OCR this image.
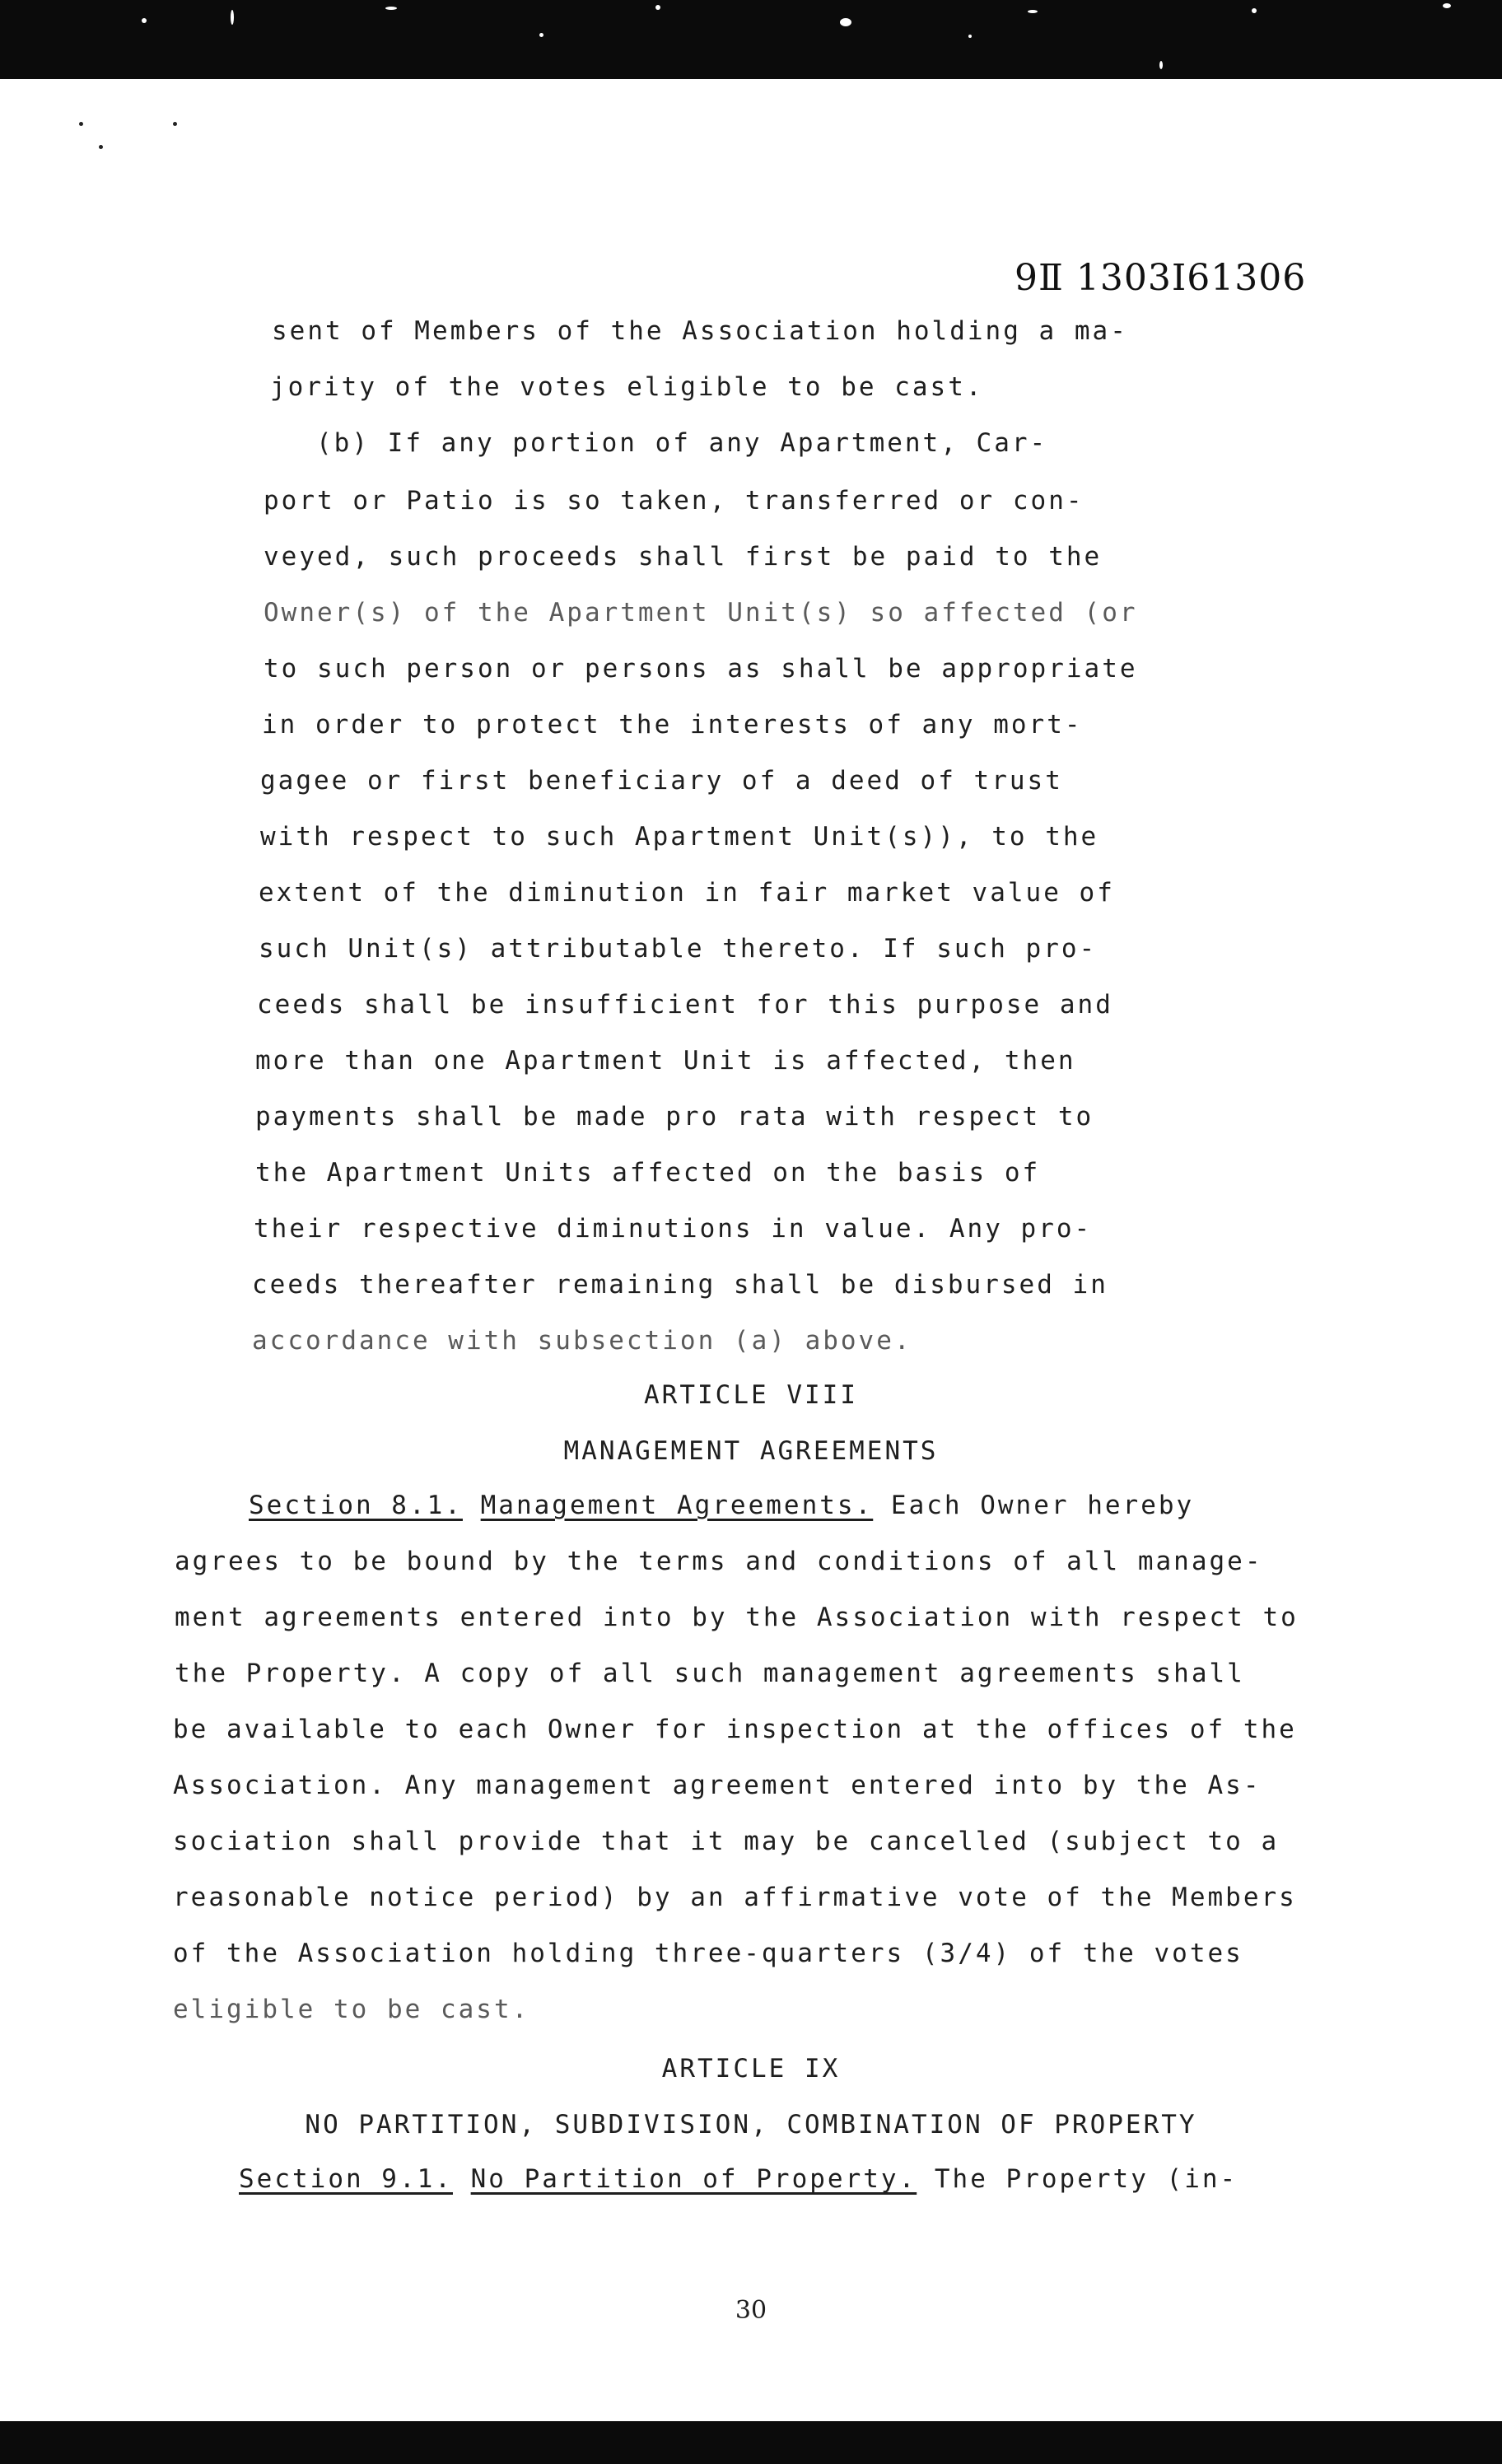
9Ⅱ 1303Ⅰ61306
sent of Members of the Association holding a ma-
jority of the votes eligible to be cast.
(b) If any portion of any Apartment, Car-
port or Patio is so taken, transferred or con-
veyed, such proceeds shall first be paid to the
Owner(s) of the Apartment Unit(s) so affected (or
to such person or persons as shall be appropriate
in order to protect the interests of any mort-
gagee or first beneficiary of a deed of trust
with respect to such Apartment Unit(s)), to the
extent of the diminution in fair market value of
such Unit(s) attributable thereto. If such pro-
ceeds shall be insufficient for this purpose and
more than one Apartment Unit is affected, then
payments shall be made pro rata with respect to
the Apartment Units affected on the basis of
their respective diminutions in value. Any pro-
ceeds thereafter remaining shall be disbursed in
accordance with subsection (a) above.
ARTICLE VIII
MANAGEMENT AGREEMENTS
Section 8.1. Management Agreements. Each Owner hereby
agrees to be bound by the terms and conditions of all manage-
ment agreements entered into by the Association with respect to
the Property. A copy of all such management agreements shall
be available to each Owner for inspection at the offices of the
Association. Any management agreement entered into by the As-
sociation shall provide that it may be cancelled (subject to a
reasonable notice period) by an affirmative vote of the Members
of the Association holding three-quarters (3/4) of the votes
eligible to be cast.
ARTICLE IX
NO PARTITION, SUBDIVISION, COMBINATION OF PROPERTY
Section 9.1. No Partition of Property. The Property (in-
30
